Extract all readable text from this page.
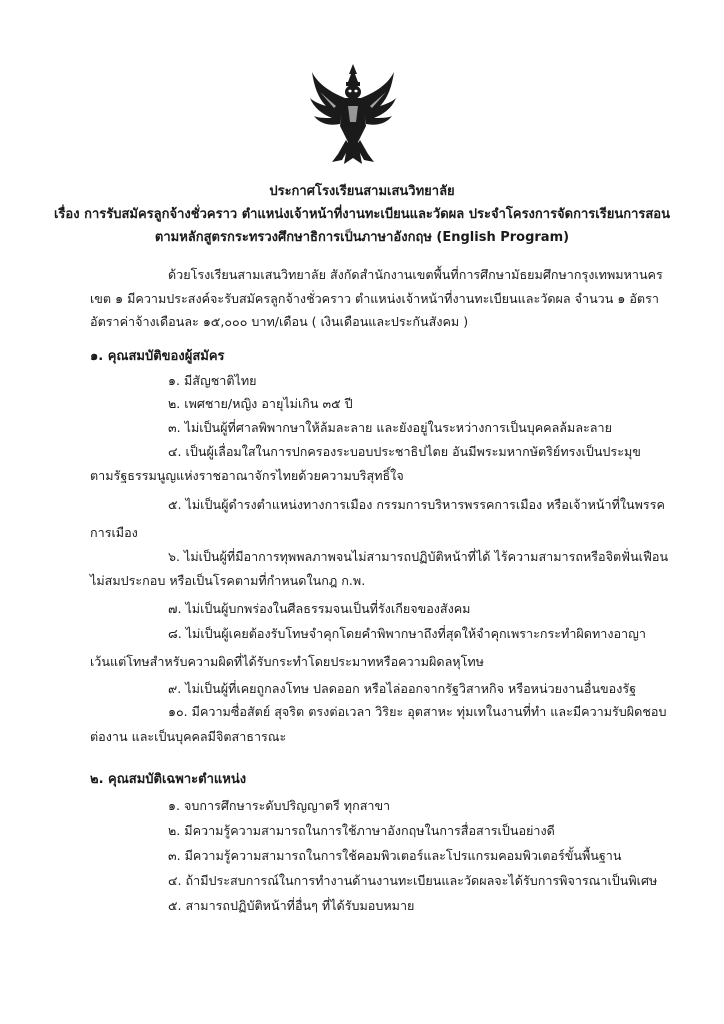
ประกาศโรงเรียนสามเสนวิทยาลัย
เรื่อง การรับสมัครลูกจ้างชั่วคราว ตำแหน่งเจ้าหน้าที่งานทะเบียนและวัดผล ประจำโครงการจัดการเรียนการสอน
ตามหลักสูตรกระทรวงศึกษาธิการเป็นภาษาอังกฤษ (English Program)
ด้วยโรงเรียนสามเสนวิทยาลัย สังกัดสำนักงานเขตพื้นที่การศึกษามัธยมศึกษากรุงเทพมหานคร
เขต ๑ มีความประสงค์จะรับสมัครลูกจ้างชั่วคราว ตำแหน่งเจ้าหน้าที่งานทะเบียนและวัดผล จำนวน ๑ อัตรา
อัตราค่าจ้างเดือนละ ๑๕,๐๐๐ บาท/เดือน ( เงินเดือนและประกันสังคม )
๑. คุณสมบัติของผู้สมัคร
๑. มีสัญชาติไทย
๒. เพศชาย/หญิง อายุไม่เกิน ๓๕ ปี
๓. ไม่เป็นผู้ที่ศาลพิพากษาให้ล้มละลาย และยังอยู่ในระหว่างการเป็นบุคคลล้มละลาย
๔. เป็นผู้เลื่อมใสในการปกครองระบอบประชาธิปไตย อันมีพระมหากษัตริย์ทรงเป็นประมุข
ตามรัฐธรรมนูญแห่งราชอาณาจักรไทยด้วยความบริสุทธิ์ใจ
๕. ไม่เป็นผู้ดำรงตำแหน่งทางการเมือง กรรมการบริหารพรรคการเมือง หรือเจ้าหน้าที่ในพรรค
การเมือง
๖. ไม่เป็นผู้ที่มีอาการทุพพลภาพจนไม่สามารถปฏิบัติหน้าที่ได้ ไร้ความสามารถหรือจิตฟั่นเฟือน
ไม่สมประกอบ หรือเป็นโรคตามที่กำหนดในกฎ ก.พ.
๗. ไม่เป็นผู้บกพร่องในศีลธรรมจนเป็นที่รังเกียจของสังคม
๘. ไม่เป็นผู้เคยต้องรับโทษจำคุกโดยคำพิพากษาถึงที่สุดให้จำคุกเพราะกระทำผิดทางอาญา
เว้นแต่โทษสำหรับความผิดที่ได้รับกระทำโดยประมาทหรือความผิดลหุโทษ
๙. ไม่เป็นผู้ที่เคยถูกลงโทษ ปลดออก หรือไล่ออกจากรัฐวิสาหกิจ หรือหน่วยงานอื่นของรัฐ
๑๐. มีความซื่อสัตย์ สุจริต ตรงต่อเวลา วิริยะ อุตสาหะ ทุ่มเทในงานที่ทำ และมีความรับผิดชอบ
ต่องาน และเป็นบุคคลมีจิตสาธารณะ
๒. คุณสมบัติเฉพาะตำแหน่ง
๑. จบการศึกษาระดับปริญญาตรี ทุกสาขา
๒. มีความรู้ความสามารถในการใช้ภาษาอังกฤษในการสื่อสารเป็นอย่างดี
๓. มีความรู้ความสามารถในการใช้คอมพิวเตอร์และโปรแกรมคอมพิวเตอร์ขั้นพื้นฐาน
๔. ถ้ามีประสบการณ์ในการทำงานด้านงานทะเบียนและวัดผลจะได้รับการพิจารณาเป็นพิเศษ
๕. สามารถปฏิบัติหน้าที่อื่นๆ ที่ได้รับมอบหมาย
